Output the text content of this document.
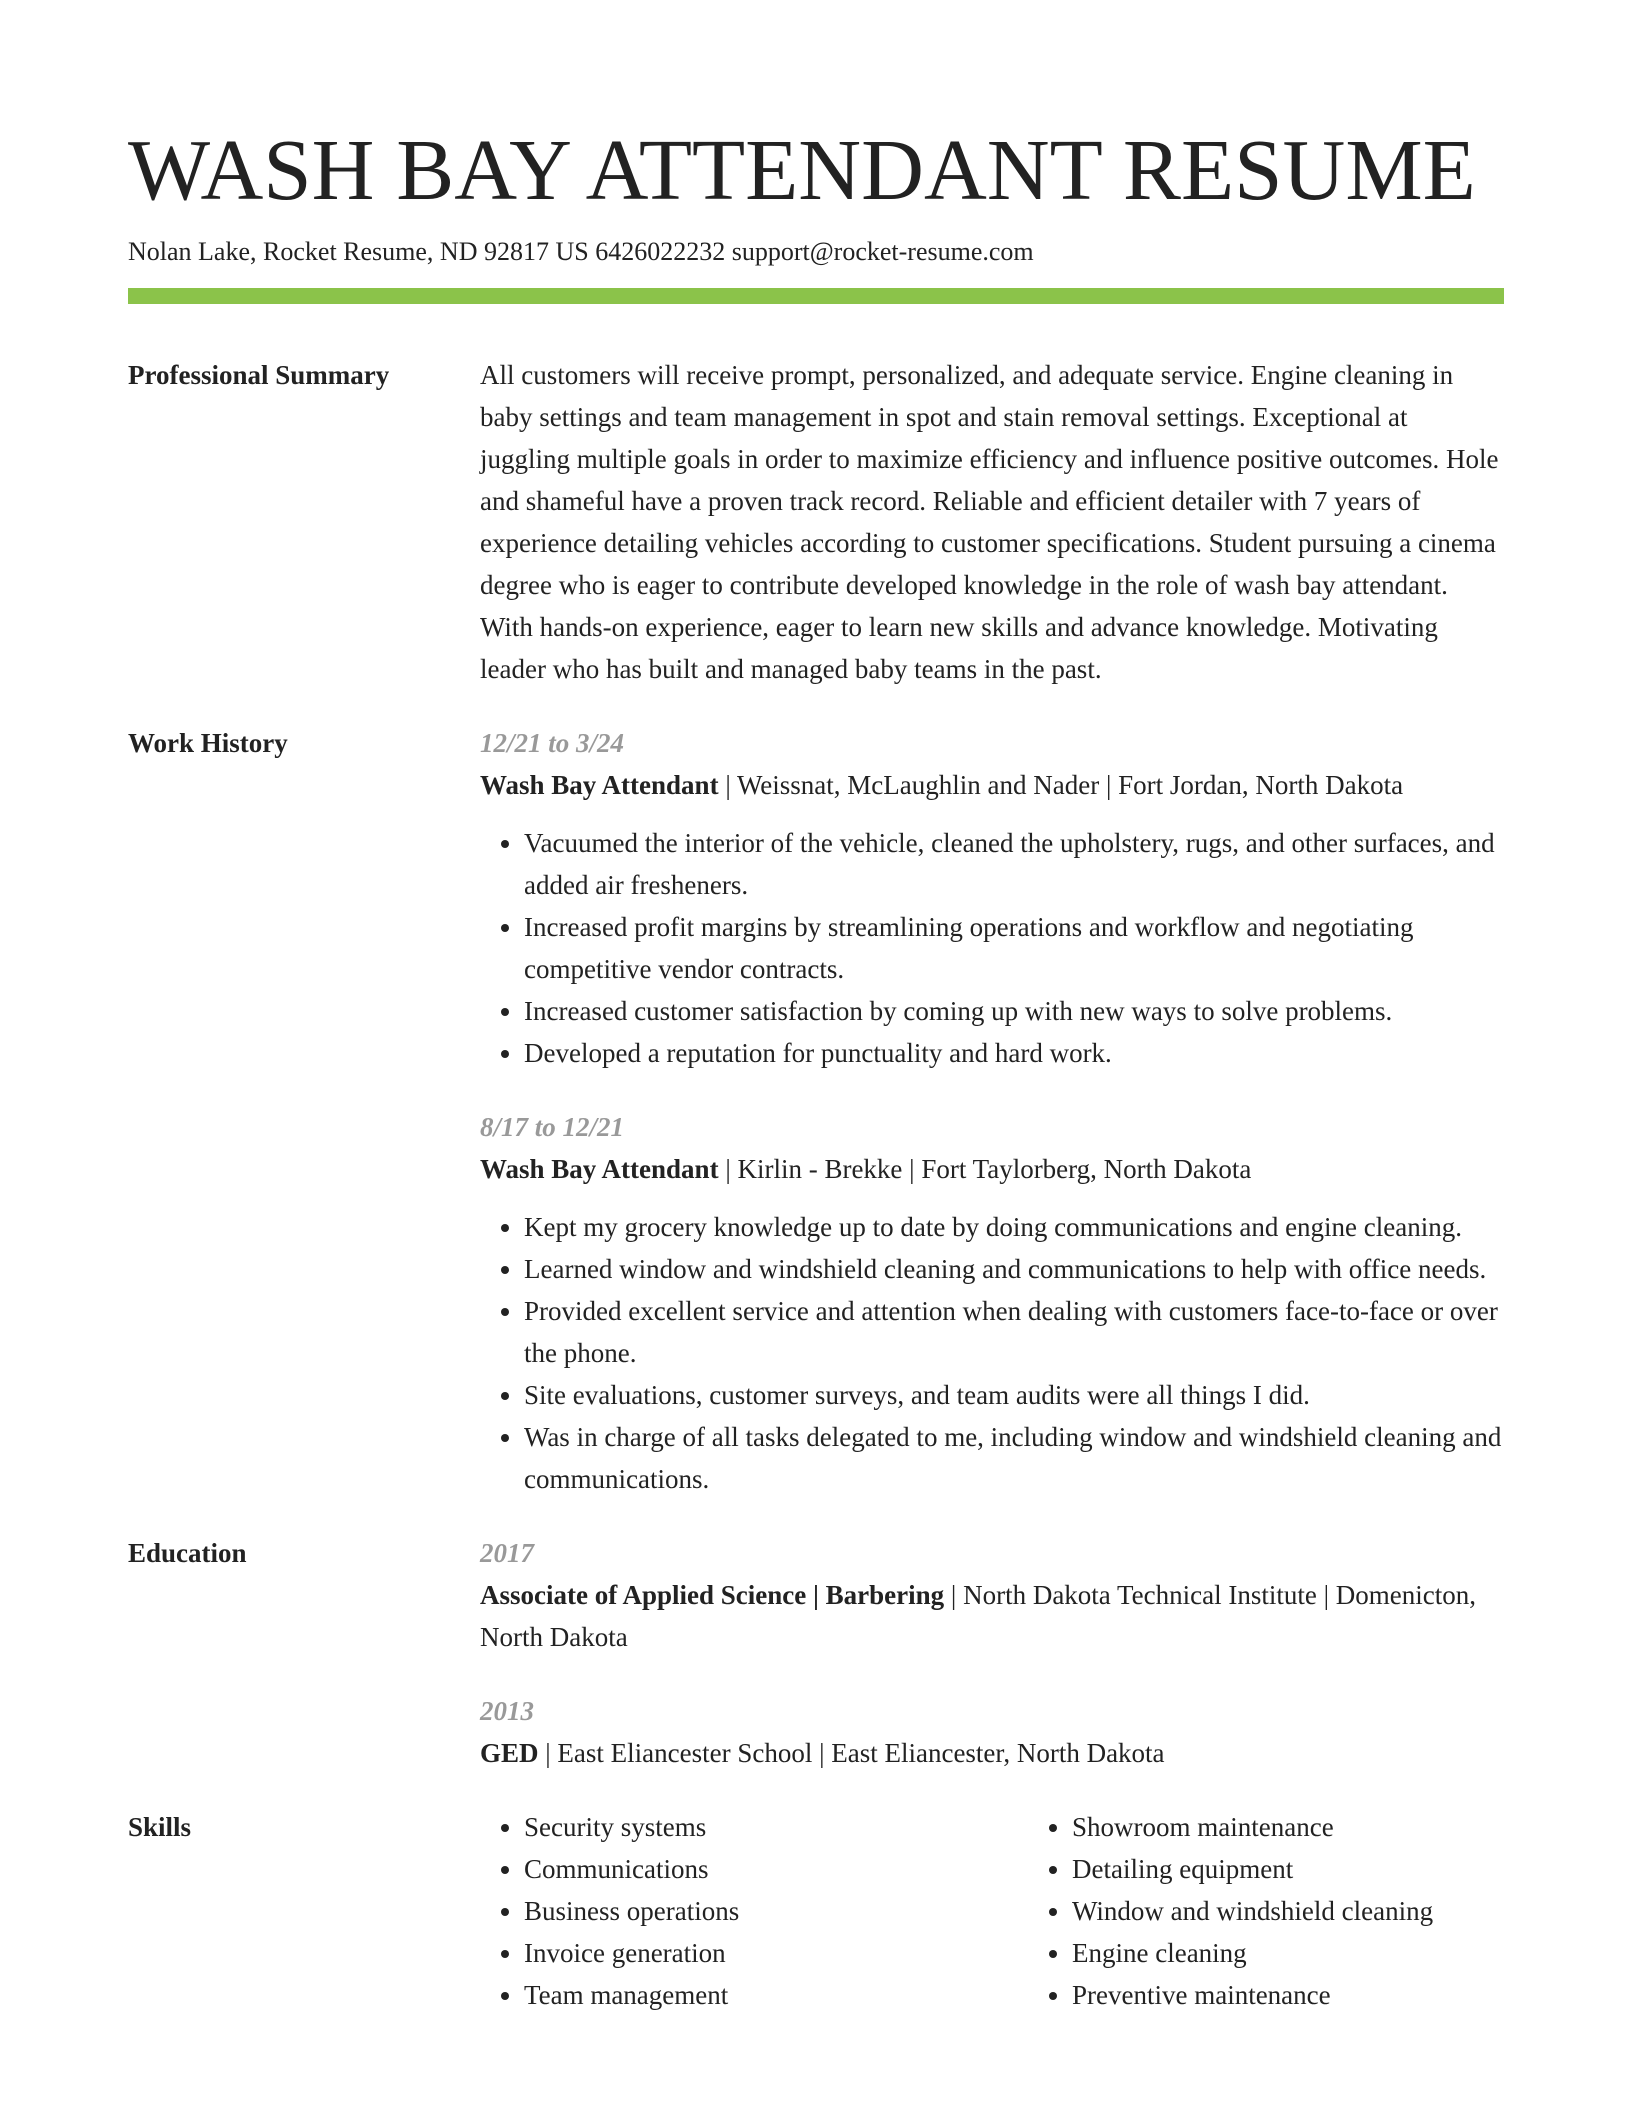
WASH BAY ATTENDANT RESUME
Nolan Lake, Rocket Resume, ND 92817 US 6426022232 support@rocket-resume.com
Professional Summary	All customers will receive prompt, personalized, and adequate service. Engine cleaning in baby settings and team management in spot and stain removal settings. Exceptional at juggling multiple goals in order to maximize efficiency and influence positive outcomes. Hole and shameful have a proven track record. Reliable and efficient detailer with 7 years of experience detailing vehicles according to customer specifications. Student pursuing a cinema degree who is eager to contribute developed knowledge in the role of wash bay attendant. With hands-on experience, eager to learn new skills and advance knowledge. Motivating leader who has built and managed baby teams in the past.

Work History	12/21 to 3/24

Wash Bay Attendant | Weissnat, McLaughlin and Nader | Fort Jordan, North Dakota

• Vacuumed the interior of the vehicle, cleaned the upholstery, rugs, and other surfaces, and added air fresheners.
• Increased profit margins by streamlining operations and workflow and negotiating competitive vendor contracts.
• Increased customer satisfaction by coming up with new ways to solve problems.
• Developed a reputation for punctuality and hard work.
8/17 to 12/21

Wash Bay Attendant | Kirlin - Brekke | Fort Taylorberg, North Dakota

• Kept my grocery knowledge up to date by doing communications and engine cleaning.
• Learned window and windshield cleaning and communications to help with office needs.
• Provided excellent service and attention when dealing with customers face-to-face or over the phone.
• Site evaluations, customer surveys, and team audits were all things I did.
• Was in charge of all tasks delegated to me, including window and windshield cleaning and communications.
Education	2017

Associate of Applied Science | Barbering | North Dakota Technical Institute | Domenicton, North Dakota

2013

GED | East Eliancester School | East Eliancester, North Dakota

Skills
•	Security systems
• Communications
• Business operations
• Invoice generation
• Team management
• Showroom maintenance
• Detailing equipment
• Window and windshield cleaning
• Engine cleaning
• Preventive maintenance
